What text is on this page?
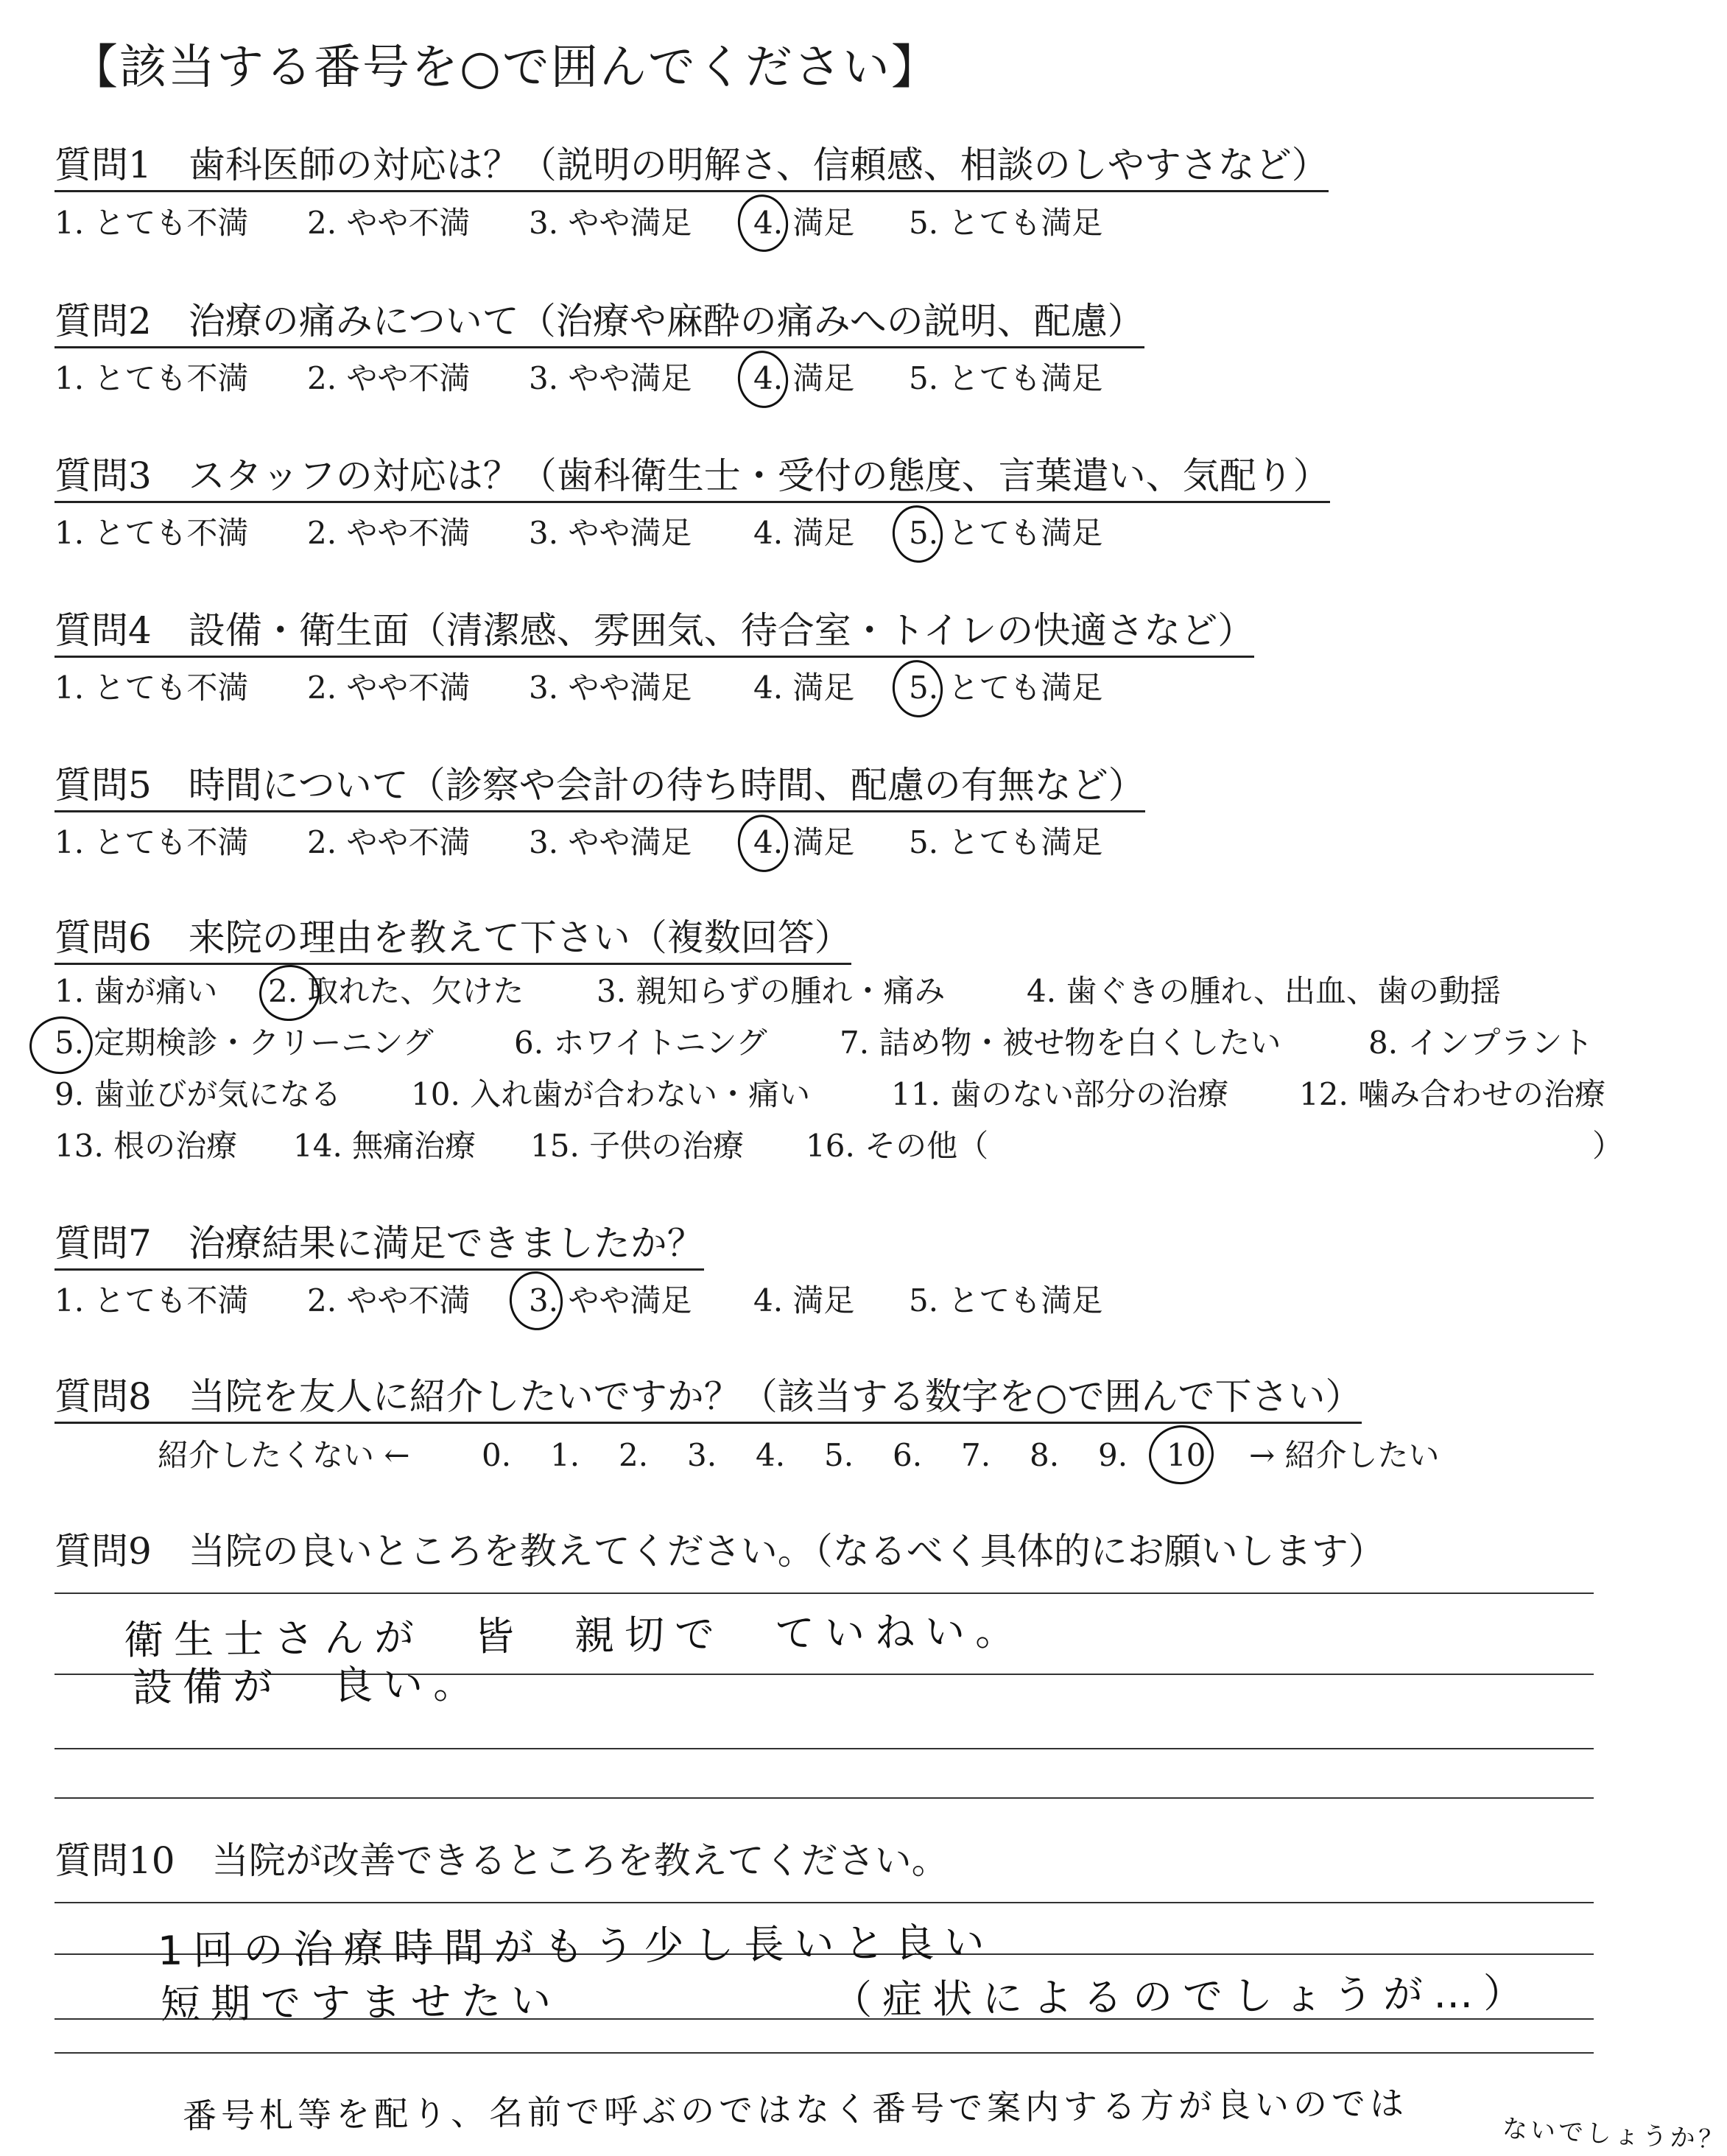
【該当する番号を○で囲んでください】
質問1　歯科医師の対応は？（説明の明解さ、信頼感、相談のしやすさなど）
1. とても不満 2. やや不満 3. やや満足 4. 満足 5. とても満足
質問2　治療の痛みについて（治療や麻酔の痛みへの説明、配慮）
1. とても不満 2. やや不満 3. やや満足 4. 満足 5. とても満足
質問3　スタッフの対応は？（歯科衛生士・受付の態度、言葉遣い、気配り）
1. とても不満 2. やや不満 3. やや満足 4. 満足 5. とても満足
質問4　設備・衛生面（清潔感、雰囲気、待合室・トイレの快適さなど）
1. とても不満 2. やや不満 3. やや満足 4. 満足 5. とても満足
質問5　時間について（診察や会計の待ち時間、配慮の有無など）
1. とても不満 2. やや不満 3. やや満足 4. 満足 5. とても満足
質問6　来院の理由を教えて下さい（複数回答）
1. 歯が痛い 2. 取れた、欠けた 3. 親知らずの腫れ・痛み	4. 歯ぐきの腫れ、出血、歯の動揺
5. 定期検診・クリーニング	6. ホワイトニング 7. 詰め物・被せ物を白くしたい	8. インプラント
9. 歯並びが気になる 10. 入れ歯が合わない・痛い	11. 歯のない部分の治療 12. 噛み合わせの治療
13. 根の治療 14. 無痛治療 15. 子供の治療 16. その他（	）
質問7　治療結果に満足できましたか？
1. とても不満 2. やや不満 3. やや満足 4. 満足 5. とても満足
質問8　当院を友人に紹介したいですか？（該当する数字を○で囲んで下さい）
紹介したくない ← 0. 1. 2. 3. 4. 5. 6. 7. 8. 9. 10 → 紹介したい
質問9　当院の良いところを教えてください。（なるべく具体的にお願いします）
衛生士さんが　皆　親切で　ていねい。
設備が　良い。
質問10　当院が改善できるところを教えてください。
1回の治療時間がもう少し長いと良い
短期ですませたい	（症状によるのでしょうが…）
番号札等を配り、名前で呼ぶのではなく番号で案内する方が良いのでは	ないでしょうか？
